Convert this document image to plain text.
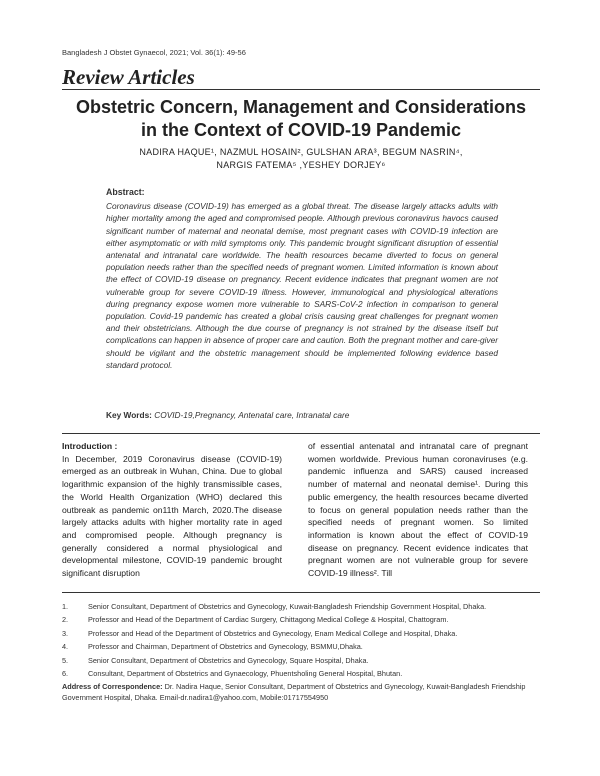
Bangladesh J Obstet Gynaecol, 2021; Vol. 36(1): 49-56
Review Articles
Obstetric Concern, Management and Considerations
in the Context of COVID-19 Pandemic
NADIRA HAQUE¹, NAZMUL HOSAIN², GULSHAN ARA³, BEGUM NASRIN⁴,
NARGIS FATEMA⁵ ,YESHEY DORJEY⁶
Abstract:
Coronavirus disease (COVID-19) has emerged as a global threat. The disease largely attacks adults with higher mortality among the aged and compromised people. Although previous coronavirus havocs caused significant number of maternal and neonatal demise, most pregnant cases with COVID-19 infection are either asymptomatic or with mild symptoms only. This pandemic brought significant disruption of essential antenatal and intranatal care worldwide. The health resources became diverted to focus on general population needs rather than the specified needs of pregnant women. Limited information is known about the effect of COVID-19 disease on pregnancy. Recent evidence indicates that pregnant women are not vulnerable group for severe COVID-19 illness. However, immunological and physiological alterations during pregnancy expose women more vulnerable to SARS-CoV-2 infection in comparison to general population. Covid-19 pandemic has created a global crisis causing great challenges for pregnant women and their obstetricians. Although the due course of pregnancy is not strained by the disease itself but complications can happen in absence of proper care and caution. Both the pregnant mother and care-giver should be vigilant and the obstetric management should be implemented following evidence based standard protocol.
Key Words: COVID-19,Pregnancy, Antenatal care, Intranatal care
Introduction :
In December, 2019 Coronavirus disease (COVID-19) emerged as an outbreak in Wuhan, China. Due to global logarithmic expansion of the highly transmissible cases, the World Health Organization (WHO) declared this outbreak as pandemic on11th March, 2020.The disease largely attacks adults with higher mortality rate in aged and compromised people. Although pregnancy is generally considered a normal physiological and developmental milestone, COVID-19 pandemic brought significant disruption
of essential antenatal and intranatal care of pregnant women worldwide. Previous human coronaviruses (e.g. pandemic influenza and SARS) caused increased number of maternal and neonatal demise¹. During this public emergency, the health resources became diverted to focus on general population needs rather than the specified needs of pregnant women. So limited information is known about the effect of COVID-19 disease on pregnancy. Recent evidence indicates that pregnant women are not vulnerable group for severe COVID-19 illness². Till
1.	Senior Consultant, Department of Obstetrics and Gynecology, Kuwait-Bangladesh Friendship Government Hospital, Dhaka.
2.	Professor and Head of the Department of Cardiac Surgery, Chittagong Medical College & Hospital, Chattogram.
3.	Professor and Head of the Department of Obstetrics and Gynecology, Enam Medical College and Hospital, Dhaka.
4.	Professor and Chairman, Department of Obstetrics and Gynecology, BSMMU,Dhaka.
5.	Senior Consultant, Department of Obstetrics and Gynecology, Square Hospital, Dhaka.
6.	Consultant, Department of Obstetrics and Gynaecology, Phuentsholing General Hospital, Bhutan.
Address of Correspondence: Dr. Nadira Haque, Senior Consultant, Department of Obstetrics and Gynecology, Kuwait-Bangladesh Friendship Government Hospital, Dhaka. Email-dr.nadira1@yahoo.com, Mobile:01717554950
